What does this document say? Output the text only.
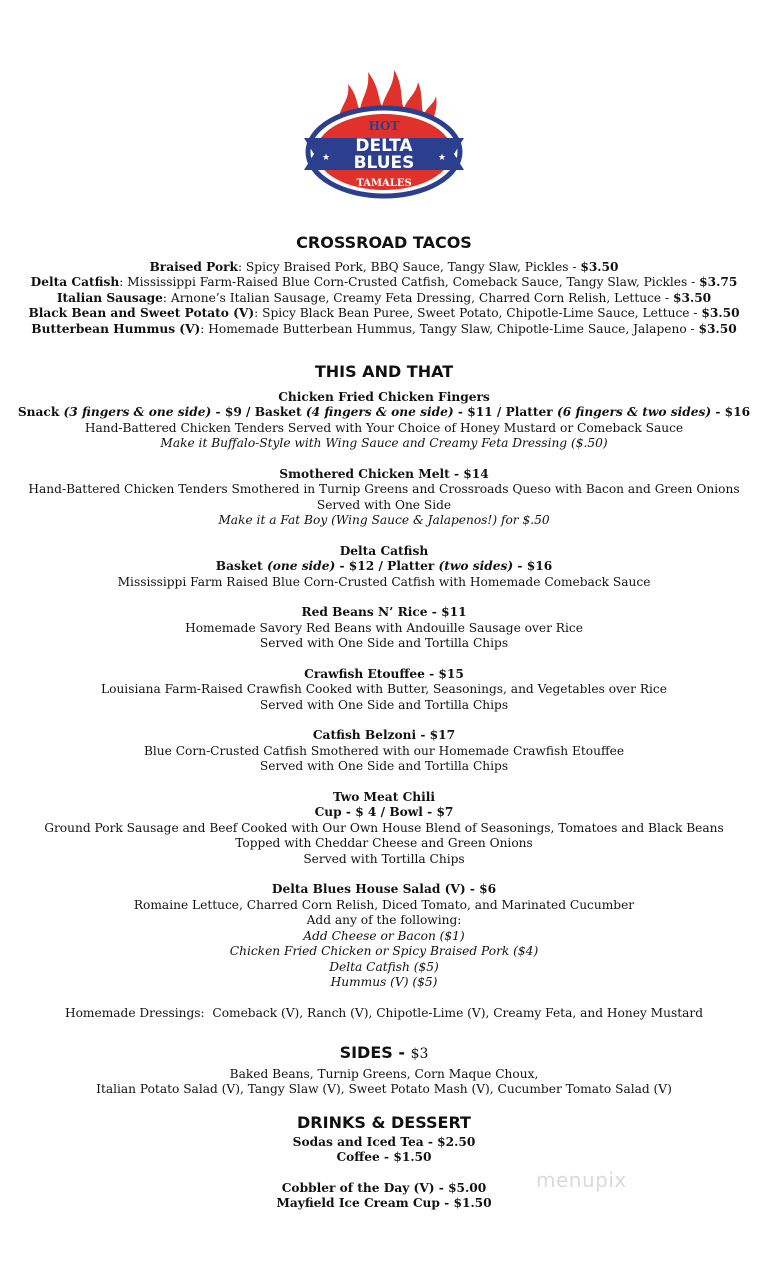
HOT
DELTA
BLUES
TAMALES
★	★
CROSSROAD TACOS
Braised Pork: Spicy Braised Pork, BBQ Sauce, Tangy Slaw, Pickles - $3.50
Delta Catfish: Mississippi Farm-Raised Blue Corn-Crusted Catfish, Comeback Sauce, Tangy Slaw, Pickles - $3.75
Italian Sausage: Arnone’s Italian Sausage, Creamy Feta Dressing, Charred Corn Relish, Lettuce - $3.50
Black Bean and Sweet Potato (V): Spicy Black Bean Puree, Sweet Potato, Chipotle-Lime Sauce, Lettuce - $3.50
Butterbean Hummus (V): Homemade Butterbean Hummus, Tangy Slaw, Chipotle-Lime Sauce, Jalapeno - $3.50
THIS AND THAT
Chicken Fried Chicken Fingers
Snack (3 fingers & one side) - $9 / Basket (4 fingers & one side) - $11 / Platter (6 fingers & two sides) - $16
Hand-Battered Chicken Tenders Served with Your Choice of Honey Mustard or Comeback Sauce
Make it Buffalo-Style with Wing Sauce and Creamy Feta Dressing ($.50)
Smothered Chicken Melt - $14
Hand-Battered Chicken Tenders Smothered in Turnip Greens and Crossroads Queso with Bacon and Green Onions
Served with One Side
Make it a Fat Boy (Wing Sauce & Jalapenos!) for $.50
Delta Catfish
Basket (one side) - $12 / Platter (two sides) - $16
Mississippi Farm Raised Blue Corn-Crusted Catfish with Homemade Comeback Sauce
Red Beans N’ Rice - $11
Homemade Savory Red Beans with Andouille Sausage over Rice
Served with One Side and Tortilla Chips
Crawfish Etouffee - $15
Louisiana Farm-Raised Crawfish Cooked with Butter, Seasonings, and Vegetables over Rice
Served with One Side and Tortilla Chips
Catfish Belzoni - $17
Blue Corn-Crusted Catfish Smothered with our Homemade Crawfish Etouffee
Served with One Side and Tortilla Chips
Two Meat Chili
Cup - $ 4 / Bowl - $7
Ground Pork Sausage and Beef Cooked with Our Own House Blend of Seasonings, Tomatoes and Black Beans
Topped with Cheddar Cheese and Green Onions
Served with Tortilla Chips
Delta Blues House Salad (V) - $6
Romaine Lettuce, Charred Corn Relish, Diced Tomato, and Marinated Cucumber
Add any of the following:
Add Cheese or Bacon ($1)
Chicken Fried Chicken or Spicy Braised Pork ($4)
Delta Catfish ($5)
Hummus (V) ($5)
Homemade Dressings:  Comeback (V), Ranch (V), Chipotle-Lime (V), Creamy Feta, and Honey Mustard
SIDES - $3
Baked Beans, Turnip Greens, Corn Maque Choux,
Italian Potato Salad (V), Tangy Slaw (V), Sweet Potato Mash (V), Cucumber Tomato Salad (V)
DRINKS & DESSERT
Sodas and Iced Tea - $2.50
Coffee - $1.50
Cobbler of the Day (V) - $5.00
Mayfield Ice Cream Cup - $1.50
menupix
